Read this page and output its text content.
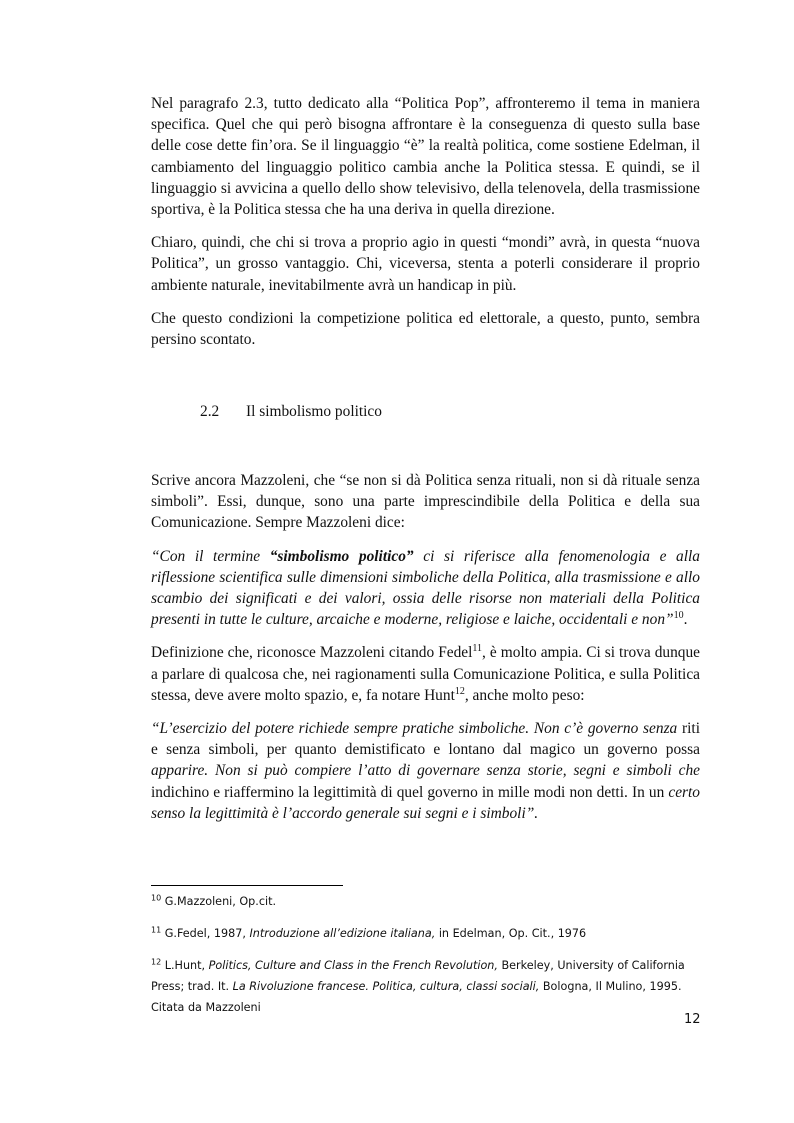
Nel paragrafo 2.3, tutto dedicato alla “Politica Pop”, affronteremo il tema in maniera specifica. Quel che qui però bisogna affrontare è la conseguenza di questo sulla base delle cose dette fin’ora. Se il linguaggio “è” la realtà politica, come sostiene Edelman, il cambiamento del linguaggio politico cambia anche la Politica stessa. E quindi, se il linguaggio si avvicina a quello dello show televisivo, della telenovela, della trasmissione sportiva, è la Politica stessa che ha una deriva in quella direzione.

Chiaro, quindi, che chi si trova a proprio agio in questi “mondi” avrà, in questa “nuova Politica”, un grosso vantaggio. Chi, viceversa, stenta a poterli considerare il proprio ambiente naturale, inevitabilmente avrà un handicap in più.

Che questo condizioni la competizione politica ed elettorale, a questo, punto, sembra persino scontato.

2.2 Il simbolismo politico

Scrive ancora Mazzoleni, che “se non si dà Politica senza rituali, non si dà rituale senza simboli”. Essi, dunque, sono una parte imprescindibile della Politica e della sua Comunicazione. Sempre Mazzoleni dice:

“Con il termine “simbolismo politico” ci si riferisce alla fenomenologia e alla riflessione scientifica sulle dimensioni simboliche della Politica, alla trasmissione e allo scambio dei significati e dei valori, ossia delle risorse non materiali della Politica presenti in tutte le culture, arcaiche e moderne, religiose e laiche, occidentali e non”$^{10}$.

Definizione che, riconosce Mazzoleni citando Fedel$^{11}$, è molto ampia. Ci si trova dunque a parlare di qualcosa che, nei ragionamenti sulla Comunicazione Politica, e sulla Politica stessa, deve avere molto spazio, e, fa notare Hunt$^{12}$, anche molto peso:

“L’esercizio del potere richiede sempre pratiche simboliche. Non c’è governo senza riti e senza simboli, per quanto demistificato e lontano dal magico un governo possa apparire. Non si può compiere l’atto di governare senza storie, segni e simboli che indichino e riaffermino la legittimità di quel governo in mille modi non detti. In un certo senso la legittimità è l’accordo generale sui segni e i simboli”.

$^{10}$ G.Mazzoleni, Op.cit.

$^{11}$ G.Fedel, 1987, Introduzione all’edizione italiana, in Edelman, Op. Cit., 1976

$^{12}$ L.Hunt, Politics, Culture and Class in the French Revolution, Berkeley, University of California Press; trad. It. La Rivoluzione francese. Politica, cultura, classi sociali, Bologna, Il Mulino, 1995. Citata da Mazzoleni

12
